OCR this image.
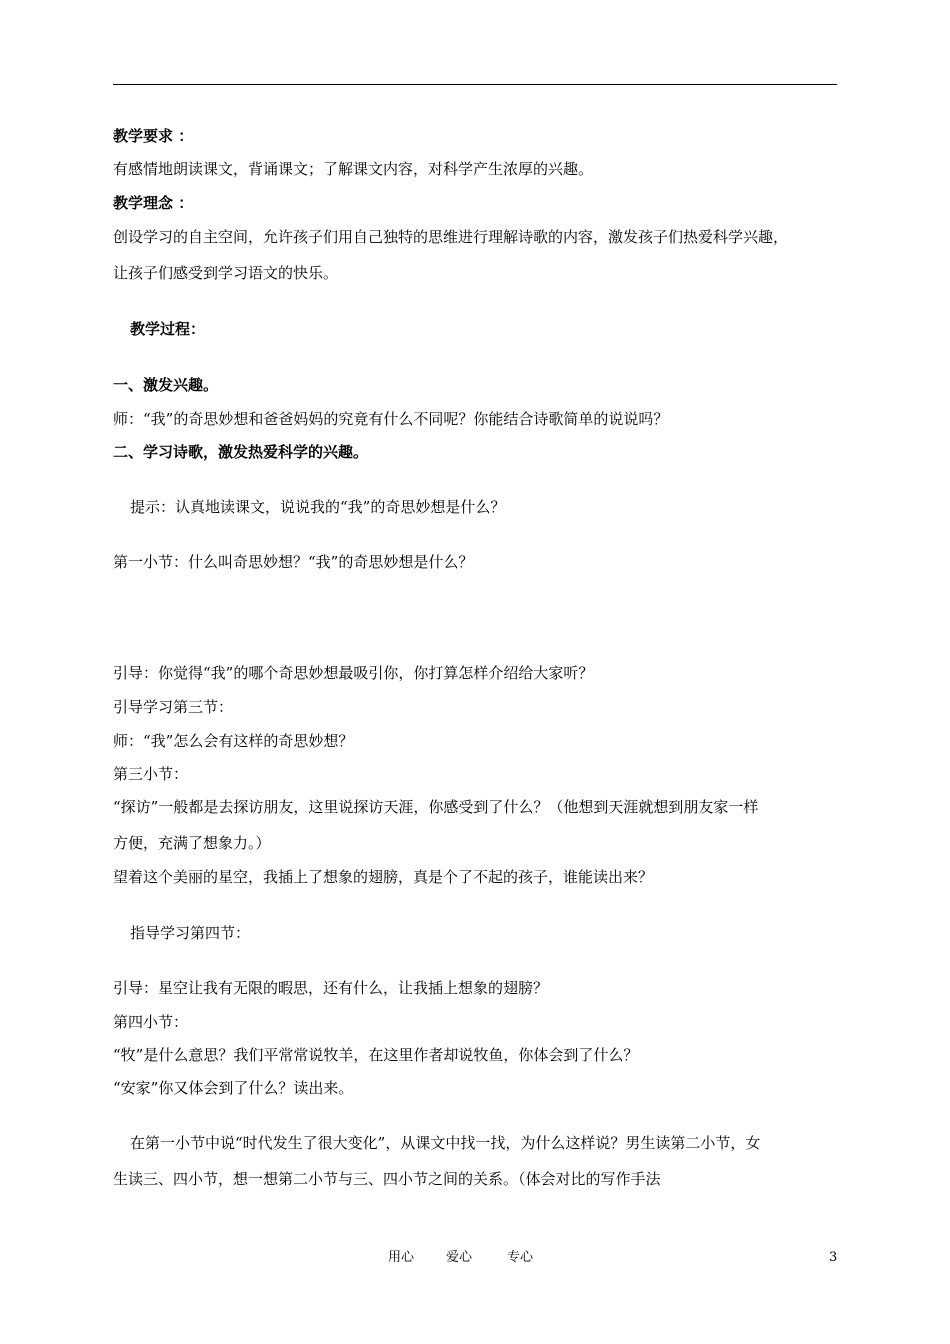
教学要求 ：
有感情地朗读课文，背诵课文；了解课文内容，对科学产生浓厚的兴趣。
教学理念 ：
创设学习的自主空间，允许孩子们用自己独特的思维进行理解诗歌的内容，激发孩子们热爱科学兴趣，
让孩子们感受到学习语文的快乐。
教学过程：
一、激发兴趣。
师：“我”的奇思妙想和爸爸妈妈的究竟有什么不同呢？你能结合诗歌简单的说说吗？
二、学习诗歌，激发热爱科学的兴趣。
提示：认真地读课文，说说我的“我”的奇思妙想是什么？
第一小节：什么叫奇思妙想？“我”的奇思妙想是什么？
引导：你觉得“我”的哪个奇思妙想最吸引你，你打算怎样介绍给大家听？
引导学习第三节：
师：“我”怎么会有这样的奇思妙想？
第三小节：
“探访”一般都是去探访朋友，这里说探访天涯，你感受到了什么？（他想到天涯就想到朋友家一样
方便，充满了想象力。）
望着这个美丽的星空，我插上了想象的翅膀，真是个了不起的孩子，谁能读出来？
指导学习第四节：
引导：星空让我有无限的暇思，还有什么，让我插上想象的翅膀？
第四小节：
“牧”是什么意思？我们平常常说牧羊，在这里作者却说牧鱼，你体会到了什么？
“安家”你又体会到了什么？读出来。
在第一小节中说“时代发生了很大变化”，从课文中找一找，为什么这样说？男生读第二小节，女
生读三、四小节，想一想第二小节与三、四小节之间的关系。（体会对比的写作手法
用心 爱心	专心	3
